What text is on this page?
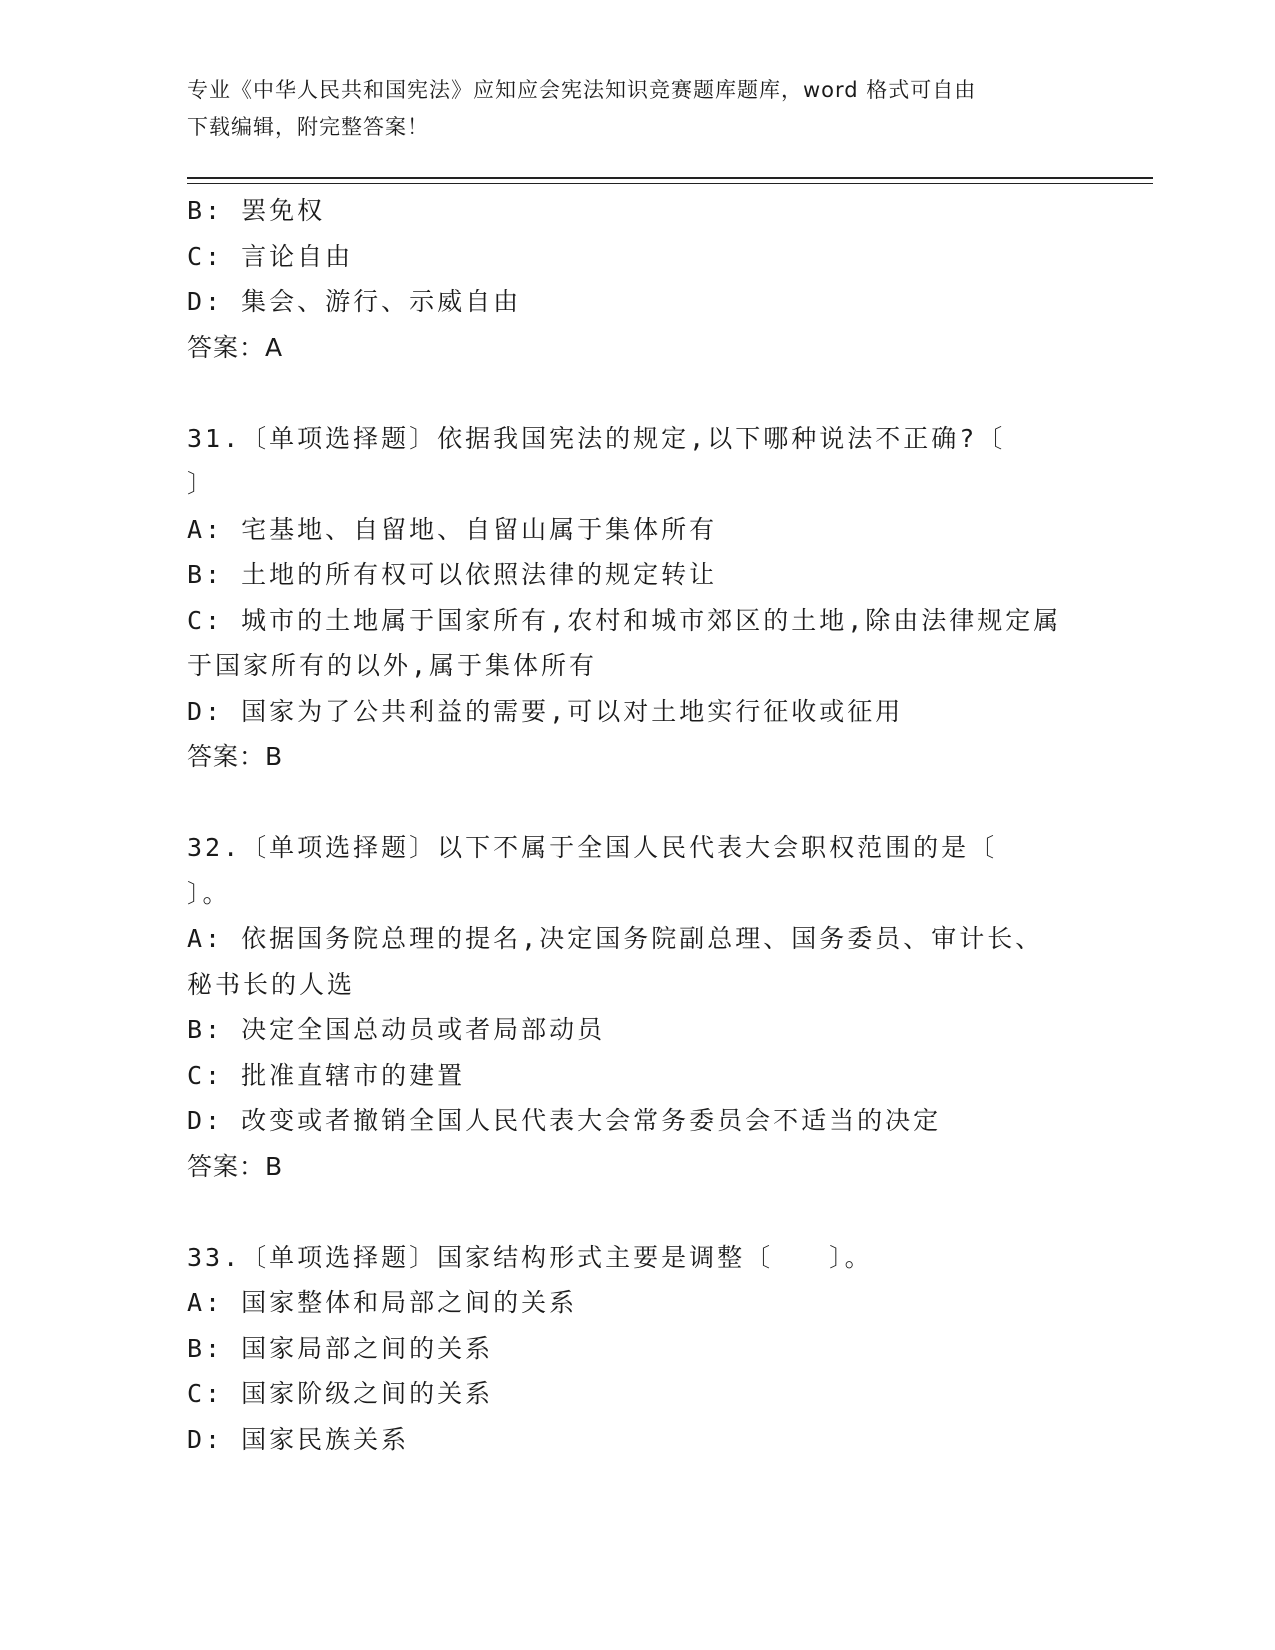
专业《中华人民共和国宪法》应知应会宪法知识竞赛题库题库，word 格式可自由
下载编辑，附完整答案！
B: 罢免权
C: 言论自由
D: 集会、游行、示威自由
答案：A
31.〔单项选择题〕依据我国宪法的规定,以下哪种说法不正确?〔
〕
A: 宅基地、自留地、自留山属于集体所有
B: 土地的所有权可以依照法律的规定转让
C: 城市的土地属于国家所有,农村和城市郊区的土地,除由法律规定属
于国家所有的以外,属于集体所有
D: 国家为了公共利益的需要,可以对土地实行征收或征用
答案：B
32.〔单项选择题〕以下不属于全国人民代表大会职权范围的是〔
〕。
A: 依据国务院总理的提名,决定国务院副总理、国务委员、审计长、
秘书长的人选
B: 决定全国总动员或者局部动员
C: 批准直辖市的建置
D: 改变或者撤销全国人民代表大会常务委员会不适当的决定
答案：B
33.〔单项选择题〕国家结构形式主要是调整〔　　〕。
A: 国家整体和局部之间的关系
B: 国家局部之间的关系
C: 国家阶级之间的关系
D: 国家民族关系
